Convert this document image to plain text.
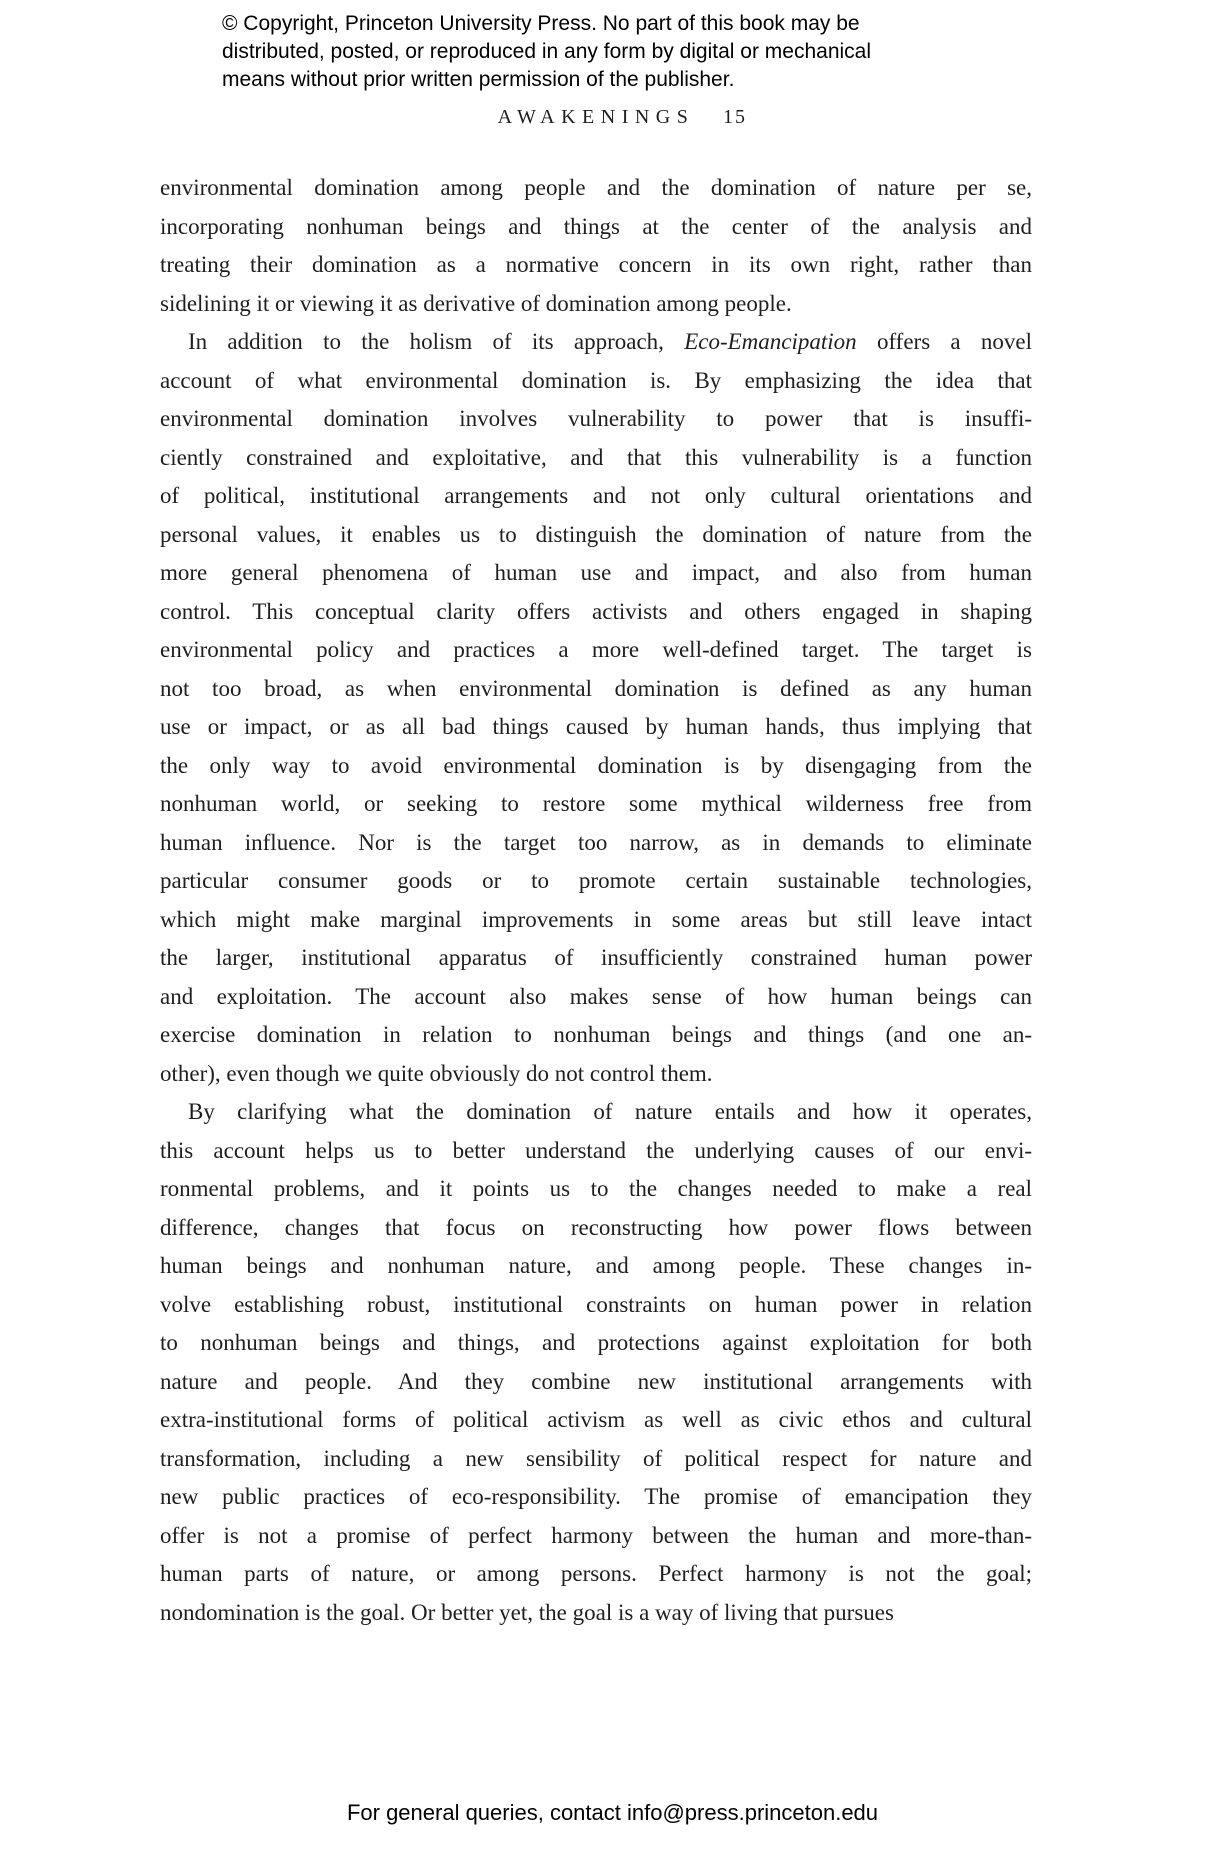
© Copyright, Princeton University Press. No part of this book may be
distributed, posted, or reproduced in any form by digital or mechanical
means without prior written permission of the publisher.
AWAKENINGS 15
environmental domination among people and the domination of nature per se,
incorporating nonhuman beings and things at the center of the analysis and
treating their domination as a normative concern in its own right, rather than
sidelining it or viewing it as derivative of domination among people.
In addition to the holism of its approach, Eco-Emancipation offers a novel
account of what environmental domination is. By emphasizing the idea that
environmental domination involves vulnerability to power that is insuffi-
ciently constrained and exploitative, and that this vulnerability is a function
of political, institutional arrangements and not only cultural orientations and
personal values, it enables us to distinguish the domination of nature from the
more general phenomena of human use and impact, and also from human
control. This conceptual clarity offers activists and others engaged in shaping
environmental policy and practices a more well-defined target. The target is
not too broad, as when environmental domination is defined as any human
use or impact, or as all bad things caused by human hands, thus implying that
the only way to avoid environmental domination is by disengaging from the
nonhuman world, or seeking to restore some mythical wilderness free from
human influence. Nor is the target too narrow, as in demands to eliminate
particular consumer goods or to promote certain sustainable technologies,
which might make marginal improvements in some areas but still leave intact
the larger, institutional apparatus of insufficiently constrained human power
and exploitation. The account also makes sense of how human beings can
exercise domination in relation to nonhuman beings and things (and one an-
other), even though we quite obviously do not control them.
By clarifying what the domination of nature entails and how it operates,
this account helps us to better understand the underlying causes of our envi-
ronmental problems, and it points us to the changes needed to make a real
difference, changes that focus on reconstructing how power flows between
human beings and nonhuman nature, and among people. These changes in-
volve establishing robust, institutional constraints on human power in relation
to nonhuman beings and things, and protections against exploitation for both
nature and people. And they combine new institutional arrangements with
extra-institutional forms of political activism as well as civic ethos and cultural
transformation, including a new sensibility of political respect for nature and
new public practices of eco-responsibility. The promise of emancipation they
offer is not a promise of perfect harmony between the human and more-than-
human parts of nature, or among persons. Perfect harmony is not the goal;
nondomination is the goal. Or better yet, the goal is a way of living that pursues
For general queries, contact info@press.princeton.edu
